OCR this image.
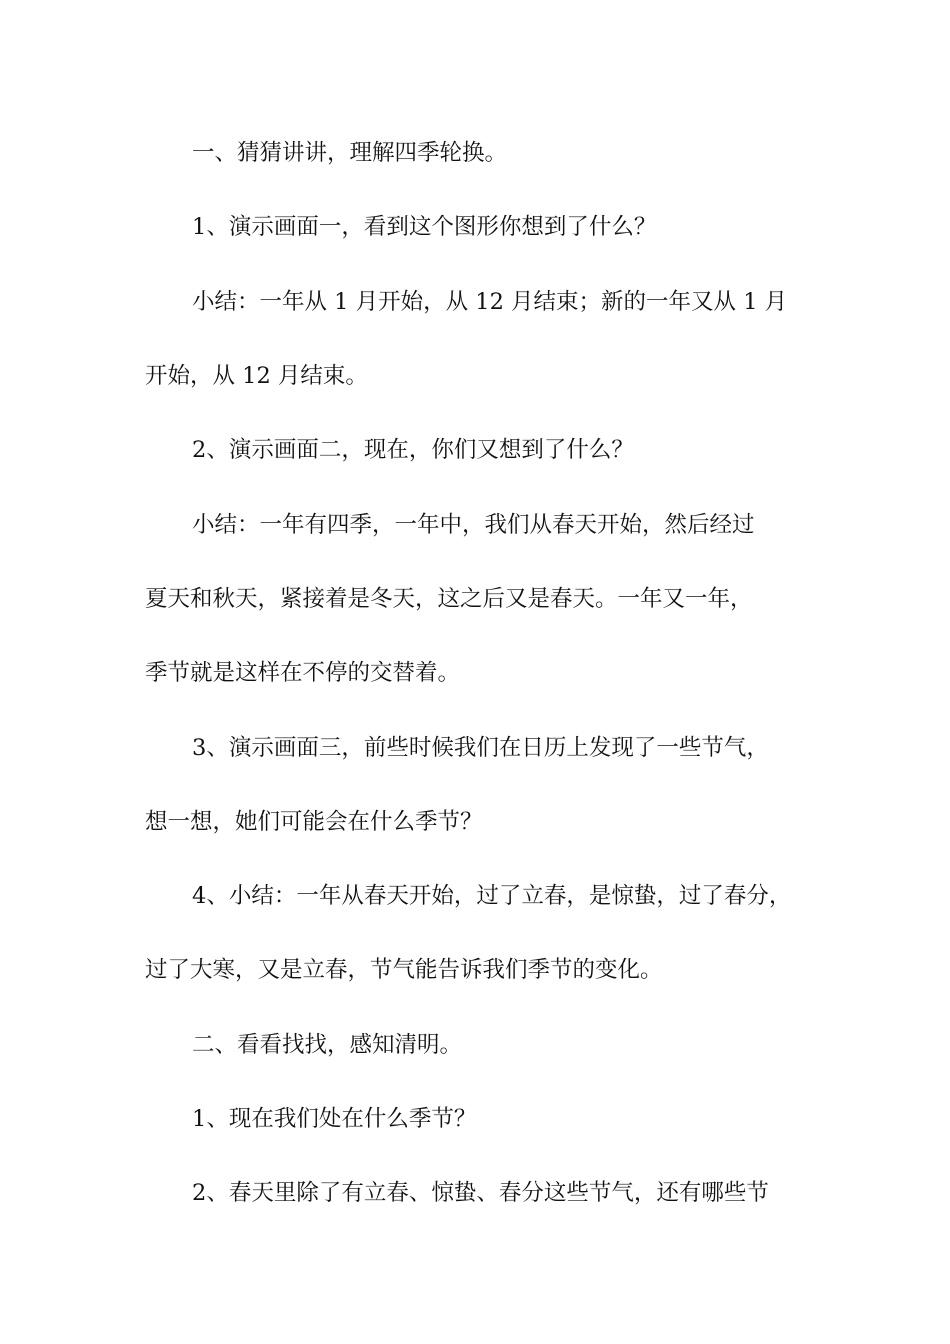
一、猜猜讲讲，理解四季轮换。
1、演示画面一，看到这个图形你想到了什么？
小结：一年从 1 月开始，从 12 月结束；新的一年又从 1 月
开始，从 12 月结束。
2、演示画面二，现在，你们又想到了什么？
小结：一年有四季，一年中，我们从春天开始，然后经过
夏天和秋天，紧接着是冬天，这之后又是春天。一年又一年，
季节就是这样在不停的交替着。
3、演示画面三，前些时候我们在日历上发现了一些节气，
想一想，她们可能会在什么季节？
4、小结：一年从春天开始，过了立春，是惊蛰，过了春分，
过了大寒，又是立春，节气能告诉我们季节的变化。
二、看看找找，感知清明。
1、现在我们处在什么季节？
2、春天里除了有立春、惊蛰、春分这些节气，还有哪些节
